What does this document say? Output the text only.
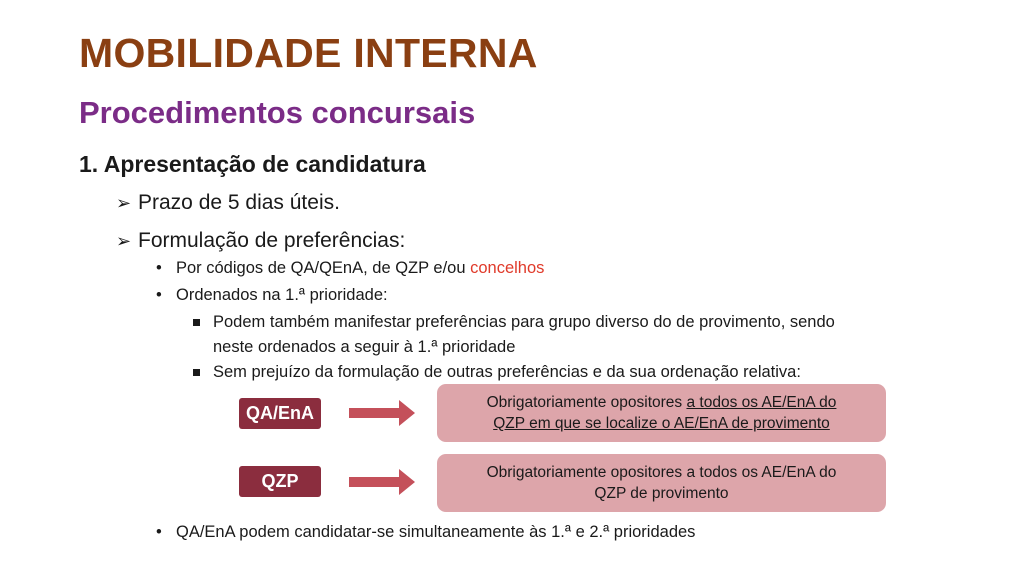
MOBILIDADE INTERNA
Procedimentos concursais
1. Apresentação de candidatura
➢ Prazo de 5 dias úteis.
➢ Formulação de preferências:
• Por códigos de QA/QEnA, de QZP e/ou concelhos
• Ordenados na 1.ª prioridade:
Podem também manifestar preferências para grupo diverso do de provimento, sendo
neste ordenados a seguir à 1.ª prioridade
Sem prejuízo da formulação de outras preferências e da sua ordenação relativa:
QA/EnA
Obrigatoriamente opositores a todos os AE/EnA do
QZP em que se localize o AE/EnA de provimento
QZP	Obrigatoriamente opositores a todos os AE/EnA do
QZP de provimento
• QA/EnA podem candidatar-se simultaneamente às 1.ª e 2.ª prioridades
